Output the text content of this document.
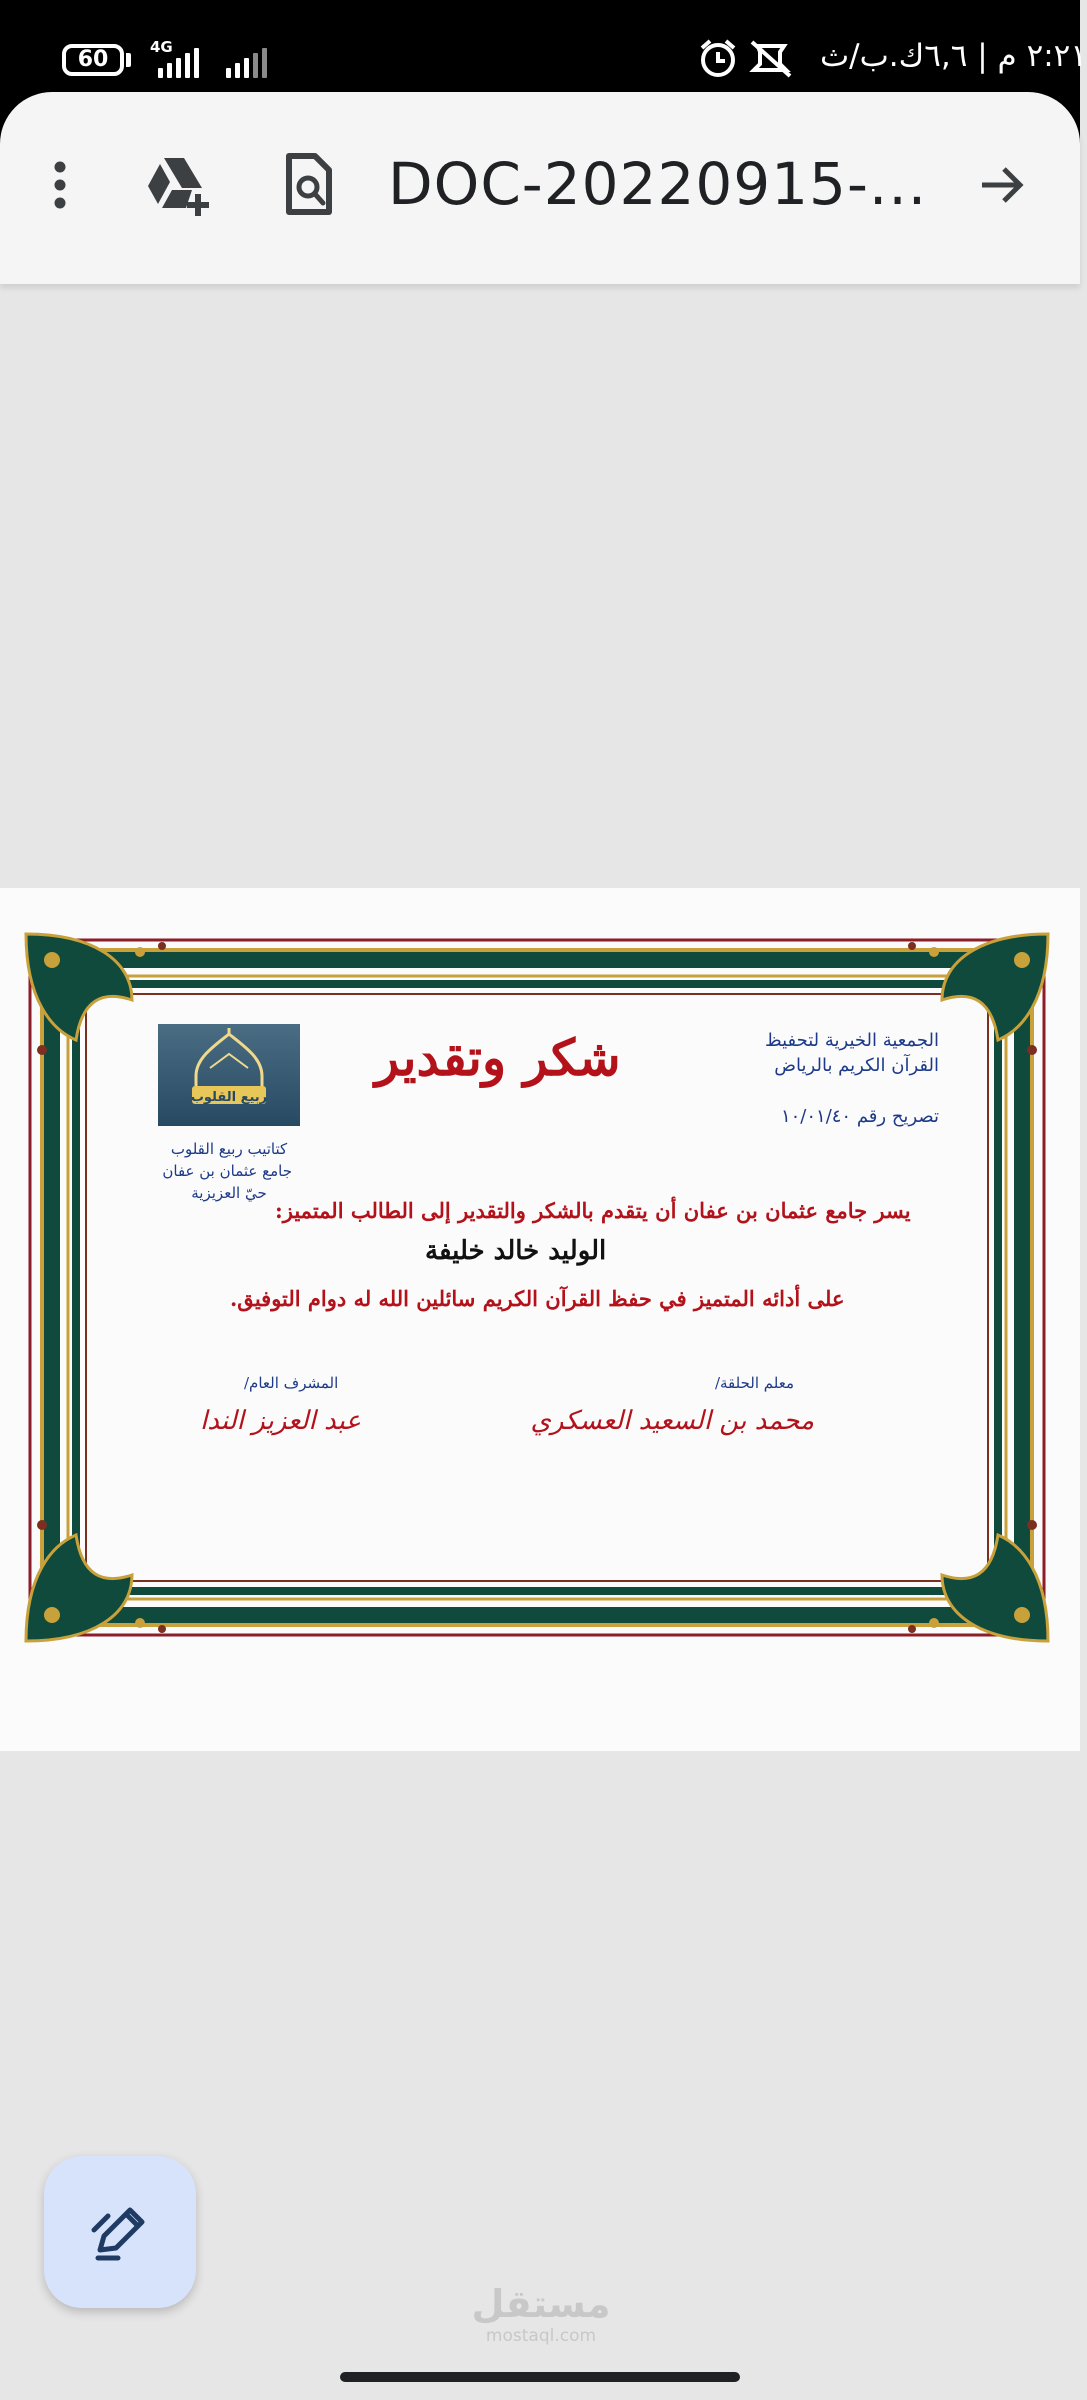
60	4G	٢:٢١ م | ٦,٦ك.ب/ث
DOC-20220915-...
الجمعية الخيرية لتحفيظ
القرآن الكريم بالرياض
تصريح رقم ١٠/٠١/٤٠
شكر وتقدير
ربيع القلوب
كتاتيب ربيع القلوب
جامع عثمان بن عفان
حيّ العزيزية
يسر جامع عثمان بن عفان أن يتقدم بالشكر والتقدير إلى الطالب المتميز:
الوليد خالد خليفة
على أدائه المتميز في حفظ القرآن الكريم سائلين الله له دوام التوفيق.
معلم الحلقة/
محمد بن السعيد العسكري
المشرف العام/
عبد العزيز الندا
مستقل
mostaql.com
